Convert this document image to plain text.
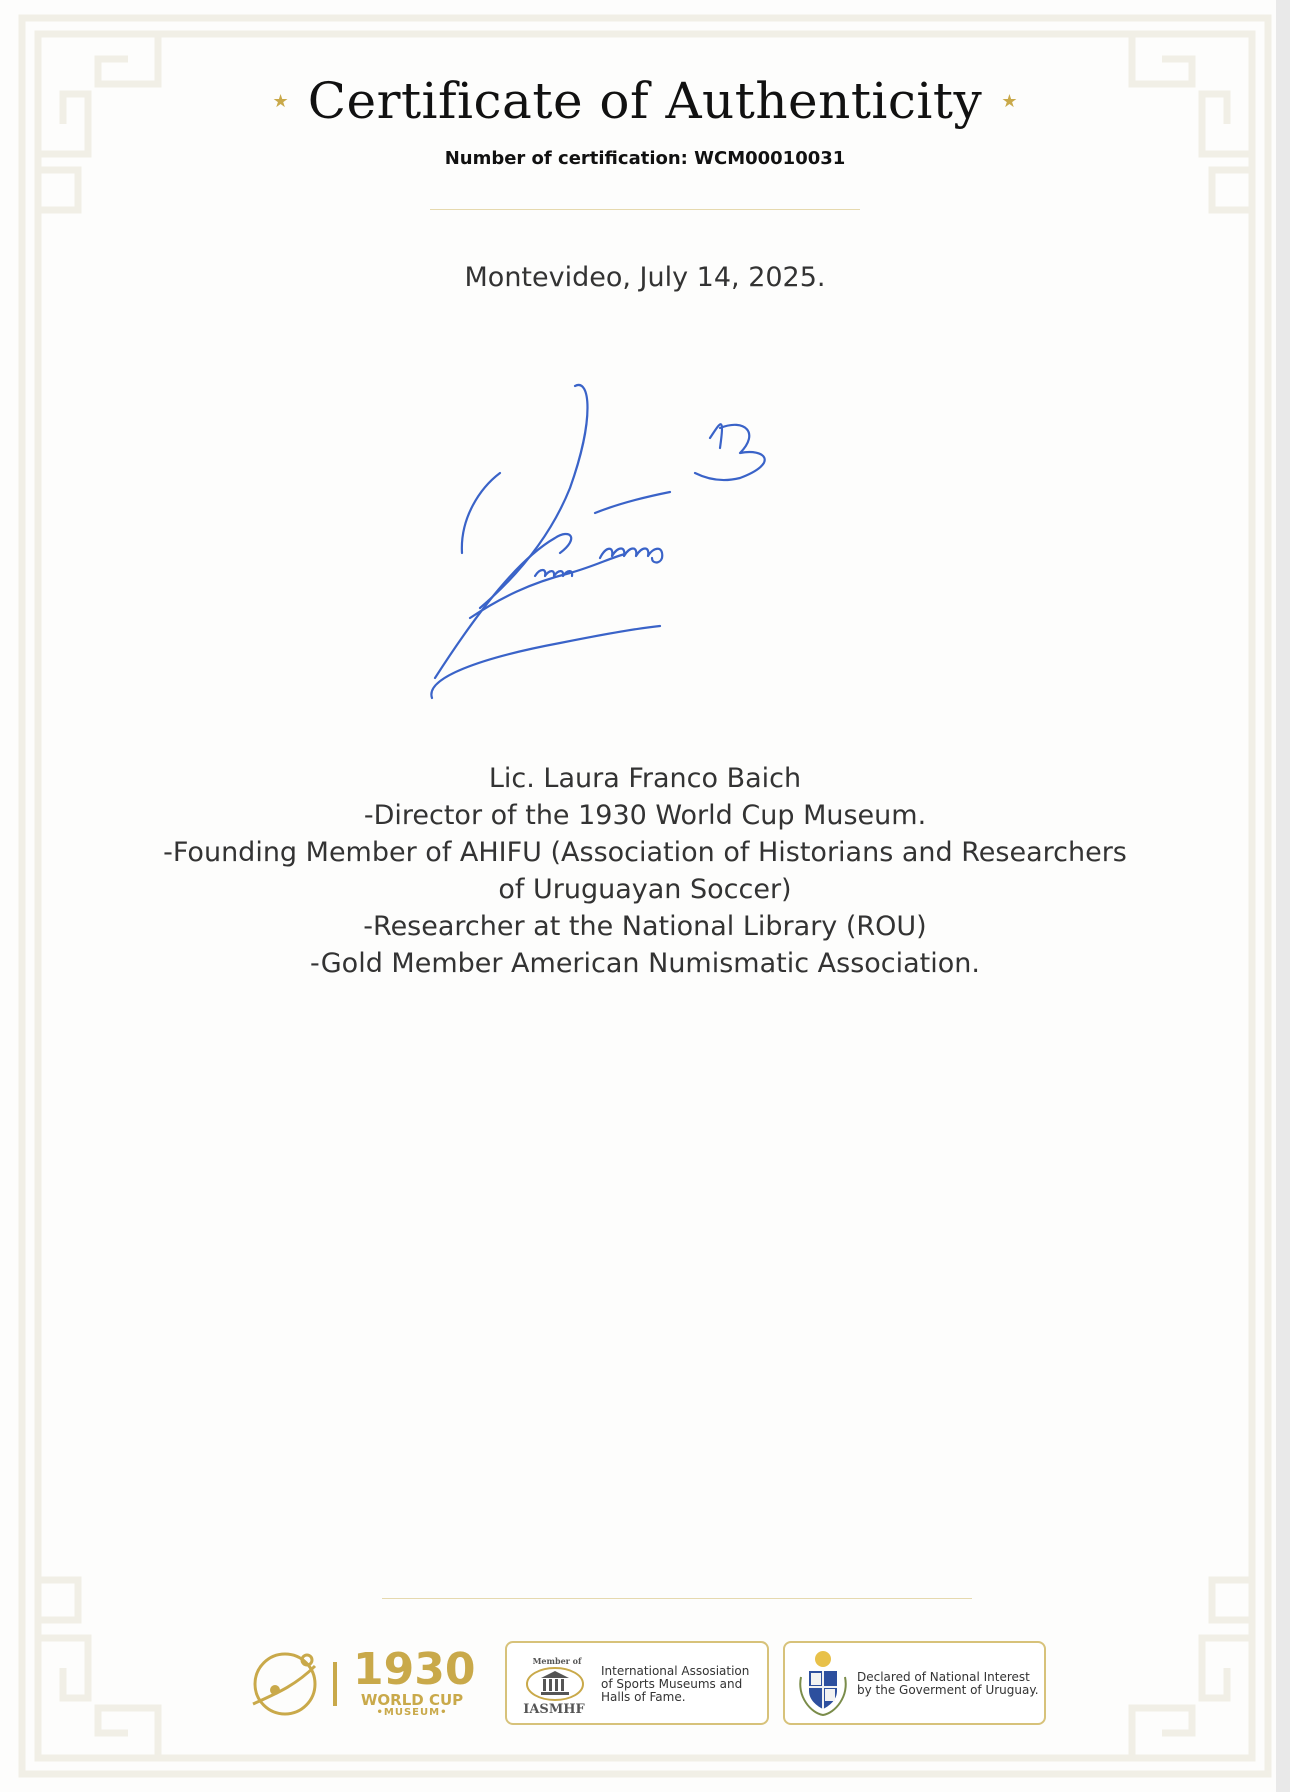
★ Certificate of Authenticity ★
Number of certification: WCM00010031
Montevideo, July 14, 2025.
Lic. Laura Franco Baich
-Director of the 1930 World Cup Museum.
-Founding Member of AHIFU (Association of Historians and Researchers of Uruguayan Soccer)
-Researcher at the National Library (ROU)
-Gold Member American Numismatic Association.
1930
WORLD CUP
•MUSEUM•
Member of
IASMHF
International Assosiation of Sports Museums and Halls of Fame.
Declared of National Interest by the Goverment of Uruguay.
